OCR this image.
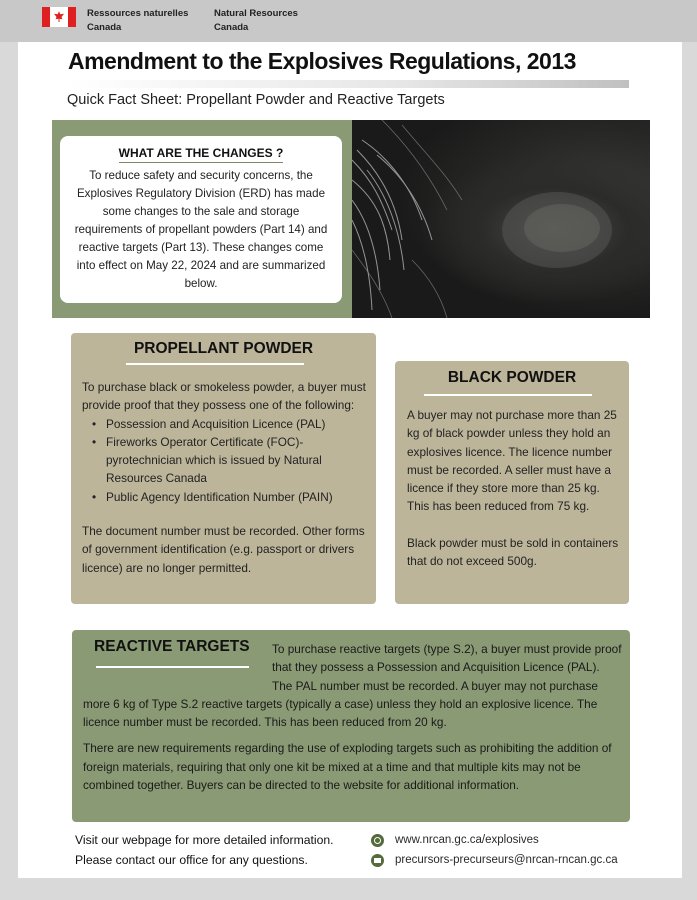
Ressources naturelles
Canada
Natural Resources
Canada
Amendment to the Explosives Regulations, 2013
Quick Fact Sheet: Propellant Powder and Reactive Targets
WHAT ARE THE CHANGES ?

To reduce safety and security concerns, the Explosives Regulatory Division (ERD) has made some changes to the sale and storage requirements of propellant powders (Part 14) and reactive targets (Part 13). These changes come into effect on May 22, 2024 and are summarized below.

PROPELLANT POWDER

To purchase black or smokeless powder, a buyer must provide proof that they possess one of the following:

• Possession and Acquisition Licence (PAL)
• Fireworks Operator Certificate (FOC)-pyrotechnician which is issued by Natural Resources Canada
• Public Agency Identification Number (PAIN)

The document number must be recorded. Other forms of government identification (e.g. passport or drivers licence) are no longer permitted.

BLACK POWDER

A buyer may not purchase more than 25 kg of black powder unless they hold an explosives licence. The licence number must be recorded. A seller must have a licence if they store more than 25 kg. This has been reduced from 75 kg.

Black powder must be sold in containers that do not exceed 500g.

REACTIVE TARGETS	To purchase reactive targets (type S.2), a buyer must provide proof that they possess a Possession and Acquisition Licence (PAL). The PAL number must be recorded. A buyer may not purchase more 6 kg of Type S.2 reactive targets (typically a case) unless they hold an explosive licence. The licence number must be recorded. This has been reduced from 20 kg.

There are new requirements regarding the use of exploding targets such as prohibiting the addition of foreign materials, requiring that only one kit be mixed at a time and that multiple kits may not be combined together. Buyers can be directed to the website for additional information.

Visit our webpage for more detailed information.
Please contact our office for any questions.
www.nrcan.gc.ca/explosives
precursors-precurseurs@nrcan-rncan.gc.ca
